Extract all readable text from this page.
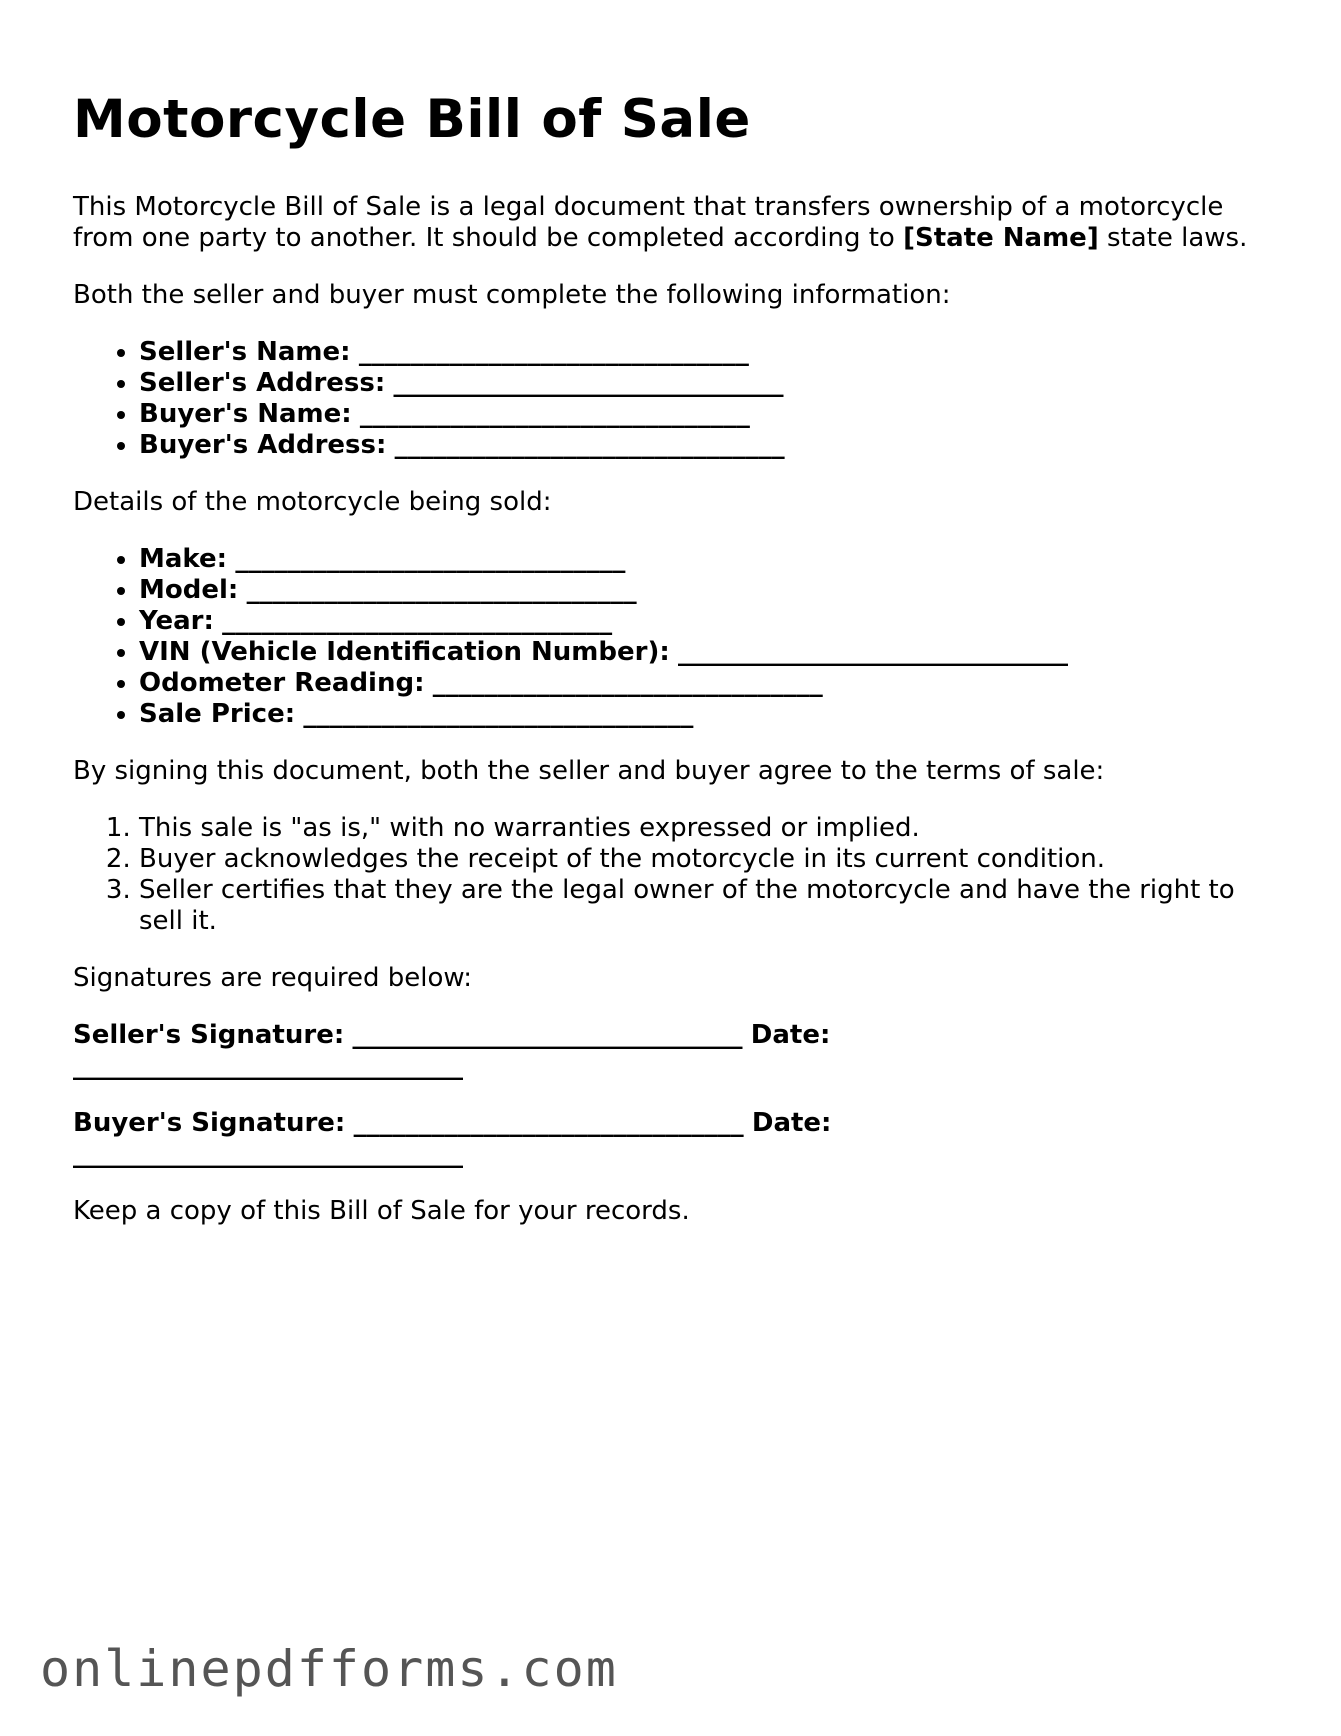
Motorcycle Bill of Sale

This Motorcycle Bill of Sale is a legal document that transfers ownership of a motorcycle from one party to another. It should be completed according to [State Name] state laws.

Both the seller and buyer must complete the following information:

• Seller's Name: ______________________________
• Seller's Address: ______________________________
• Buyer's Name: ______________________________
• Buyer's Address: ______________________________

Details of the motorcycle being sold:

• Make: ______________________________
• Model: ______________________________
• Year: ______________________________
• VIN (Vehicle Identification Number): ______________________________
• Odometer Reading: ______________________________
• Sale Price: ______________________________

By signing this document, both the seller and buyer agree to the terms of sale:

1. This sale is "as is," with no warranties expressed or implied.
2. Buyer acknowledges the receipt of the motorcycle in its current condition.
3. Seller certifies that they are the legal owner of the motorcycle and have the right to sell it.

Signatures are required below:

Seller's Signature: ______________________________ Date: ______________________________
Buyer's Signature: ______________________________ Date: ______________________________

Keep a copy of this Bill of Sale for your records.

onlinepdfforms.com
